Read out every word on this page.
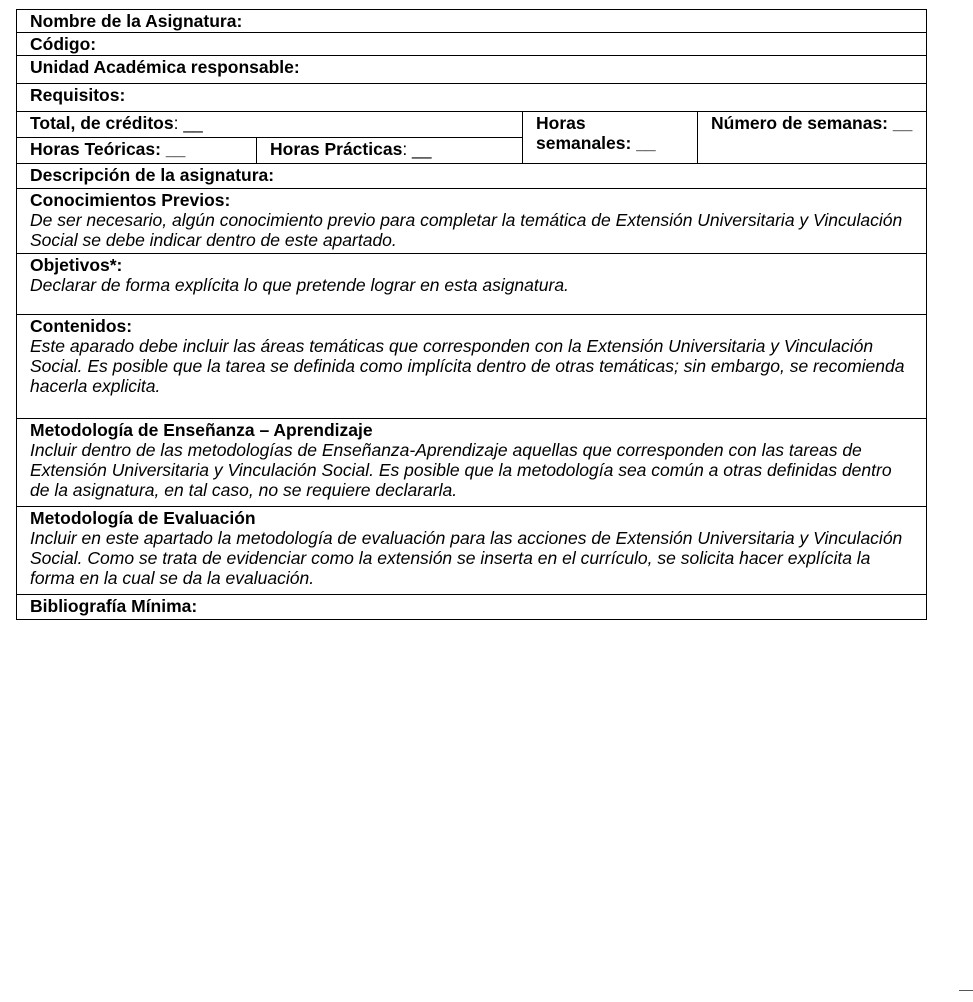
Nombre de la Asignatura:			
Código:			
Unidad Académica responsable:			
Requisitos:			
Total, de créditos: __		Horas semanales: __	Número de semanas: __
Horas Teóricas: __	Horas Prácticas: __		
Descripción de la asignatura:			
Conocimientos Previos:
De ser necesario, algún conocimiento previo para completar la temática de Extensión Universitaria y Vinculación Social se debe indicar dentro de este apartado.			

Objetivos*:
Declarar de forma explícita lo que pretende lograr en esta asignatura.			

Contenidos:
Este aparado debe incluir las áreas temáticas que corresponden con la Extensión Universitaria y Vinculación Social. Es posible que la tarea se definida como implícita dentro de otras temáticas; sin embargo, se recomienda hacerla explicita.			

Metodología de Enseñanza – Aprendizaje
Incluir dentro de las metodologías de Enseñanza-Aprendizaje aquellas que corresponden con las tareas de Extensión Universitaria y Vinculación Social. Es posible que la metodología sea común a otras definidas dentro de la asignatura, en tal caso, no se requiere declararla.			

Metodología de Evaluación
Incluir en este apartado la metodología de evaluación para las acciones de Extensión Universitaria y Vinculación Social. Como se trata de evidenciar como la extensión se inserta en el currículo, se solicita hacer explícita la forma en la cual se da la evaluación.			

Bibliografía Mínima:			
